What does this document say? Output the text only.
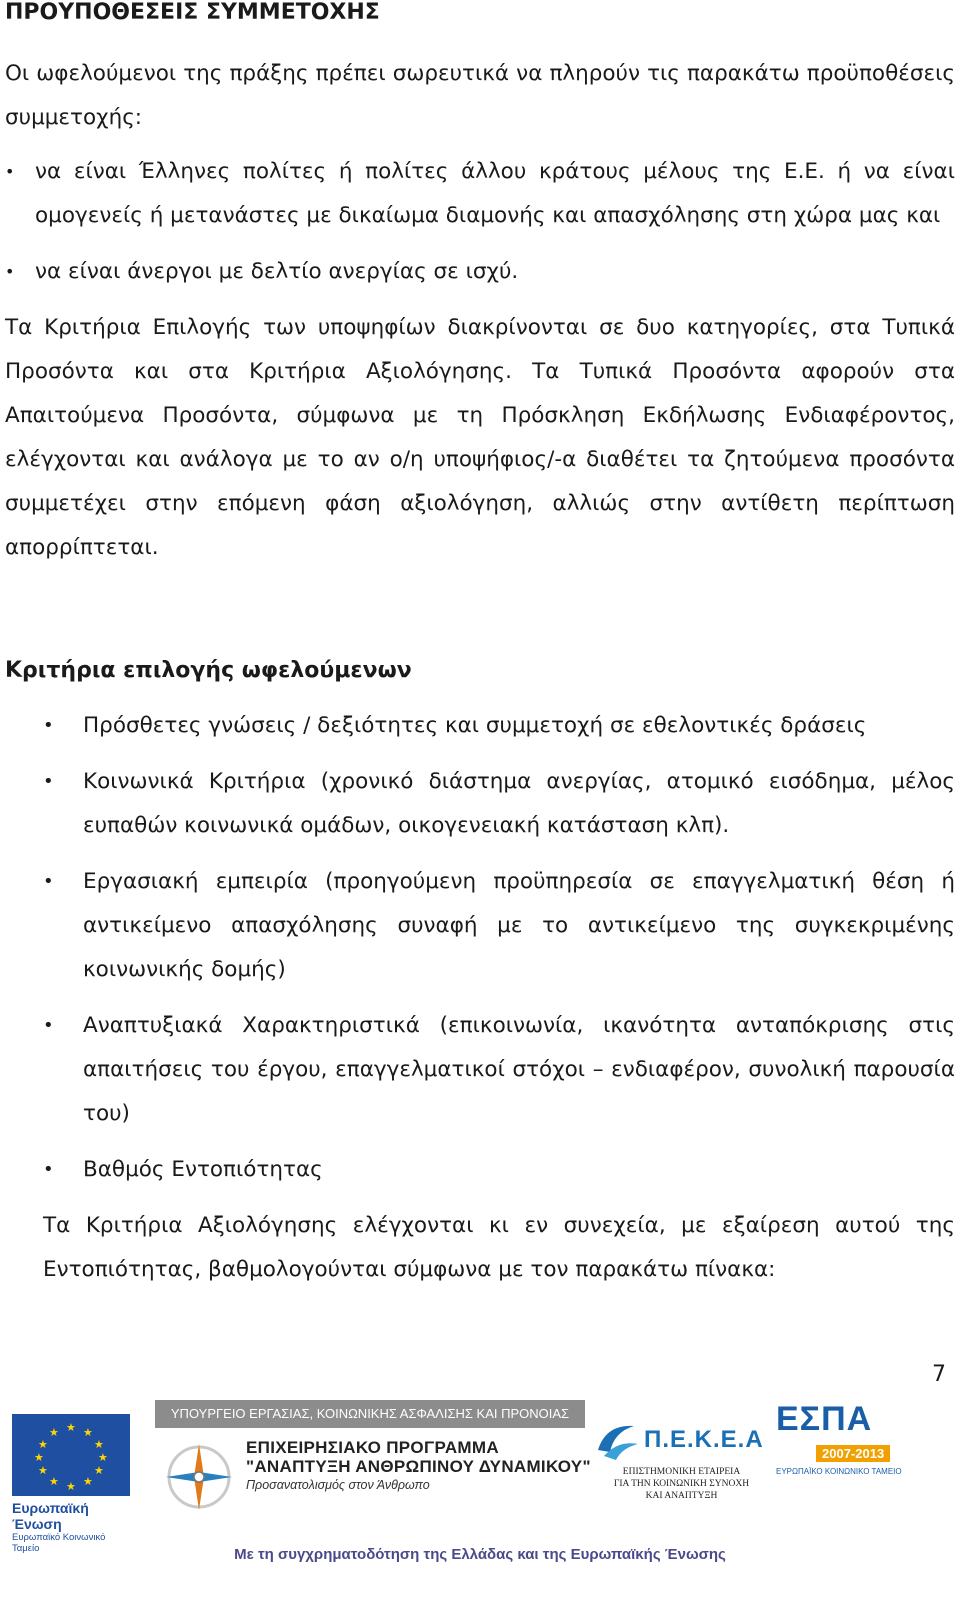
ΠΡΟΥΠΟΘΕΣΕΙΣ ΣΥΜΜΕΤΟΧΗΣ

Οι ωφελούμενοι της πράξης πρέπει σωρευτικά να πληρούν τις παρακάτω προϋποθέσεις συμμετοχής:

• να είναι Έλληνες πολίτες ή πολίτες άλλου κράτους μέλους της Ε.Ε. ή να είναι ομογενείς ή μετανάστες με δικαίωμα διαμονής και απασχόλησης στη χώρα μας και
• να είναι άνεργοι με δελτίο ανεργίας σε ισχύ.

Τα Κριτήρια Επιλογής των υποψηφίων διακρίνονται σε δυο κατηγορίες, στα Τυπικά Προσόντα και στα Κριτήρια Αξιολόγησης. Τα Τυπικά Προσόντα αφορούν στα Απαιτούμενα Προσόντα, σύμφωνα με τη Πρόσκληση Εκδήλωσης Ενδιαφέροντος, ελέγχονται και ανάλογα με το αν ο/η υποψήφιος/-α διαθέτει τα ζητούμενα προσόντα συμμετέχει στην επόμενη φάση αξιολόγηση, αλλιώς στην αντίθετη περίπτωση απορρίπτεται.

Κριτήρια επιλογής ωφελούμενων
• Πρόσθετες γνώσεις / δεξιότητες και συμμετοχή σε εθελοντικές δράσεις
• Κοινωνικά Κριτήρια (χρονικό διάστημα ανεργίας, ατομικό εισόδημα, μέλος ευπαθών κοινωνικά ομάδων, οικογενειακή κατάσταση κλπ).
• Εργασιακή εμπειρία (προηγούμενη προϋπηρεσία σε επαγγελματική θέση ή αντικείμενο απασχόλησης συναφή με το αντικείμενο της συγκεκριμένης κοινωνικής δομής)
• Αναπτυξιακά Χαρακτηριστικά (επικοινωνία, ικανότητα ανταπόκρισης στις απαιτήσεις του έργου, επαγγελματικοί στόχοι – ενδιαφέρον, συνολική παρουσία του)
• Βαθμός Εντοπιότητας

Τα Κριτήρια Αξιολόγησης ελέγχονται κι εν συνεχεία, με εξαίρεση αυτού της Εντοπιότητας, βαθμολογούνται σύμφωνα με τον παρακάτω πίνακα:

7
★ ★
★
★
★
★
★
★
★
★
★
★
Ευρωπαϊκή Ένωση
Ευρωπαϊκό Κοινωνικό Ταμείο
ΥΠΟΥΡΓΕΙΟ ΕΡΓΑΣΙΑΣ, ΚΟΙΝΩΝΙΚΗΣ ΑΣΦΑΛΙΣΗΣ ΚΑΙ ΠΡΟΝΟΙΑΣ
ΕΠΙΧΕΙΡΗΣΙΑΚΟ ΠΡΟΓΡΑΜΜΑ
"ΑΝΑΠΤΥΞΗ ΑΝΘΡΩΠΙΝΟΥ ΔΥΝΑΜΙΚΟΥ"
Προσανατολισμός στον Άνθρωπο
Π.Ε.Κ.Ε.Α
ΕΠΙΣΤΗΜΟΝΙΚΗ ΕΤΑΙΡΕΙΑ
ΓΙΑ ΤΗΝ ΚΟΙΝΩΝΙΚΗ ΣΥΝΟΧΗ
ΚΑΙ ΑΝΑΠΤΥΞΗ
ΕΣΠΑ
2007-2013
ΕΥΡΩΠΑΪΚΟ ΚΟΙΝΩΝΙΚΟ ΤΑΜΕΙΟ
Με τη συγχρηματοδότηση της Ελλάδας και της Ευρωπαϊκής Ένωσης
